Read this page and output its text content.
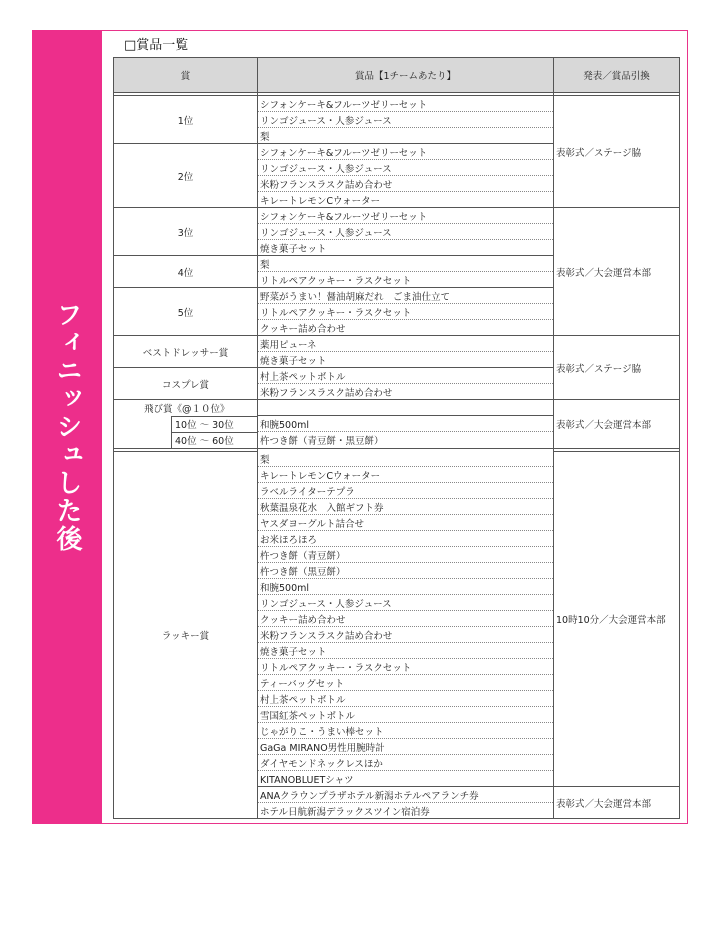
フィニッシュした後
□賞品一覧
賞	賞品【1チームあたり】	発表／賞品引換

1位	シフォンケーキ&フルーツゼリーセット	表彰式／ステージ脇
	リンゴジュース・人参ジュース	
	梨	
2位	シフォンケーキ&フルーツゼリーセット	
	リンゴジュース・人参ジュース	
	米粉フランスラスク詰め合わせ	
	キレートレモンCウォーター	
3位	シフォンケーキ&フルーツゼリーセット	表彰式／大会運営本部
	リンゴジュース・人参ジュース	
	焼き菓子セット	
4位	梨	
	リトルペアクッキー・ラスクセット	
5位	野菜がうまい！醤油胡麻だれ　ごま油仕立て	
	リトルペアクッキー・ラスクセット	
	クッキー詰め合わせ	
ベストドレッサー賞	薬用ピューネ	表彰式／ステージ脇
	焼き菓子セット	
コスプレ賞	村上茶ペットボトル	
	米粉フランスラスク詰め合わせ	
飛び賞《@１０位》		表彰式／大会運営本部

10位 ～ 30位	和腕500ml	

40位 ～ 60位	杵つき餅（青豆餅・黒豆餅）	

ラッキー賞	梨	10時10分／大会運営本部
	キレートレモンCウォーター	
	ラベルライターテプラ	
	秋葉温泉花水　入館ギフト券	
	ヤスダヨーグルト詰合せ	
	お米ほろほろ	
	杵つき餅（青豆餅）	
	杵つき餅（黒豆餅）	
	和腕500ml	
	リンゴジュース・人参ジュース	
	クッキー詰め合わせ	
	米粉フランスラスク詰め合わせ	
	焼き菓子セット	
	リトルペアクッキー・ラスクセット	
	ティーバッグセット	
	村上茶ペットボトル	
	雪国紅茶ペットボトル	
	じゃがりこ・うまい棒セット	
	GaGa MIRANO男性用腕時計	
	ダイヤモンドネックレスほか	
	KITANOBLUETシャツ	
	ANAクラウンプラザホテル新潟ホテルペアランチ券	表彰式／大会運営本部
	ホテル日航新潟デラックスツイン宿泊券	
